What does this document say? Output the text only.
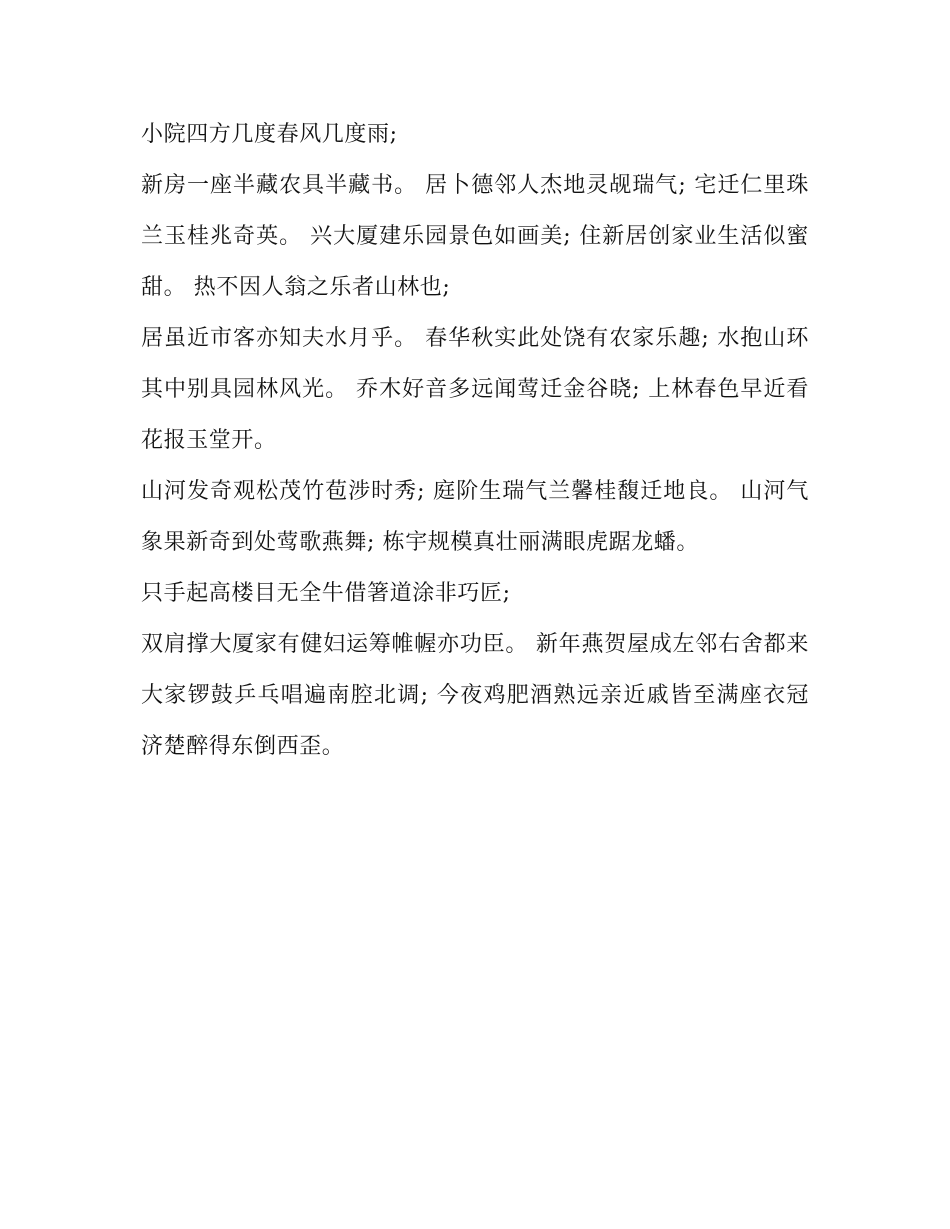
小院四方几度春风几度雨;

新房一座半藏农具半藏书。 居卜德邻人杰地灵觇瑞气; 宅迁仁里珠兰玉桂兆奇英。 兴大厦建乐园景色如画美; 住新居创家业生活似蜜甜。 热不因人翁之乐者山林也;

居虽近市客亦知夫水月乎。 春华秋实此处饶有农家乐趣; 水抱山环其中别具园林风光。 乔木好音多远闻莺迁金谷晓; 上林春色早近看花报玉堂开。

山河发奇观松茂竹苞涉时秀; 庭阶生瑞气兰馨桂馥迁地良。 山河气象果新奇到处莺歌燕舞; 栋宇规模真壮丽满眼虎踞龙蟠。

只手起高楼目无全牛借箸道涂非巧匠;

双肩撑大厦家有健妇运筹帷幄亦功臣。 新年燕贺屋成左邻右舍都来大家锣鼓乒乓唱遍南腔北调; 今夜鸡肥酒熟远亲近戚皆至满座衣冠济楚醉得东倒西歪。
